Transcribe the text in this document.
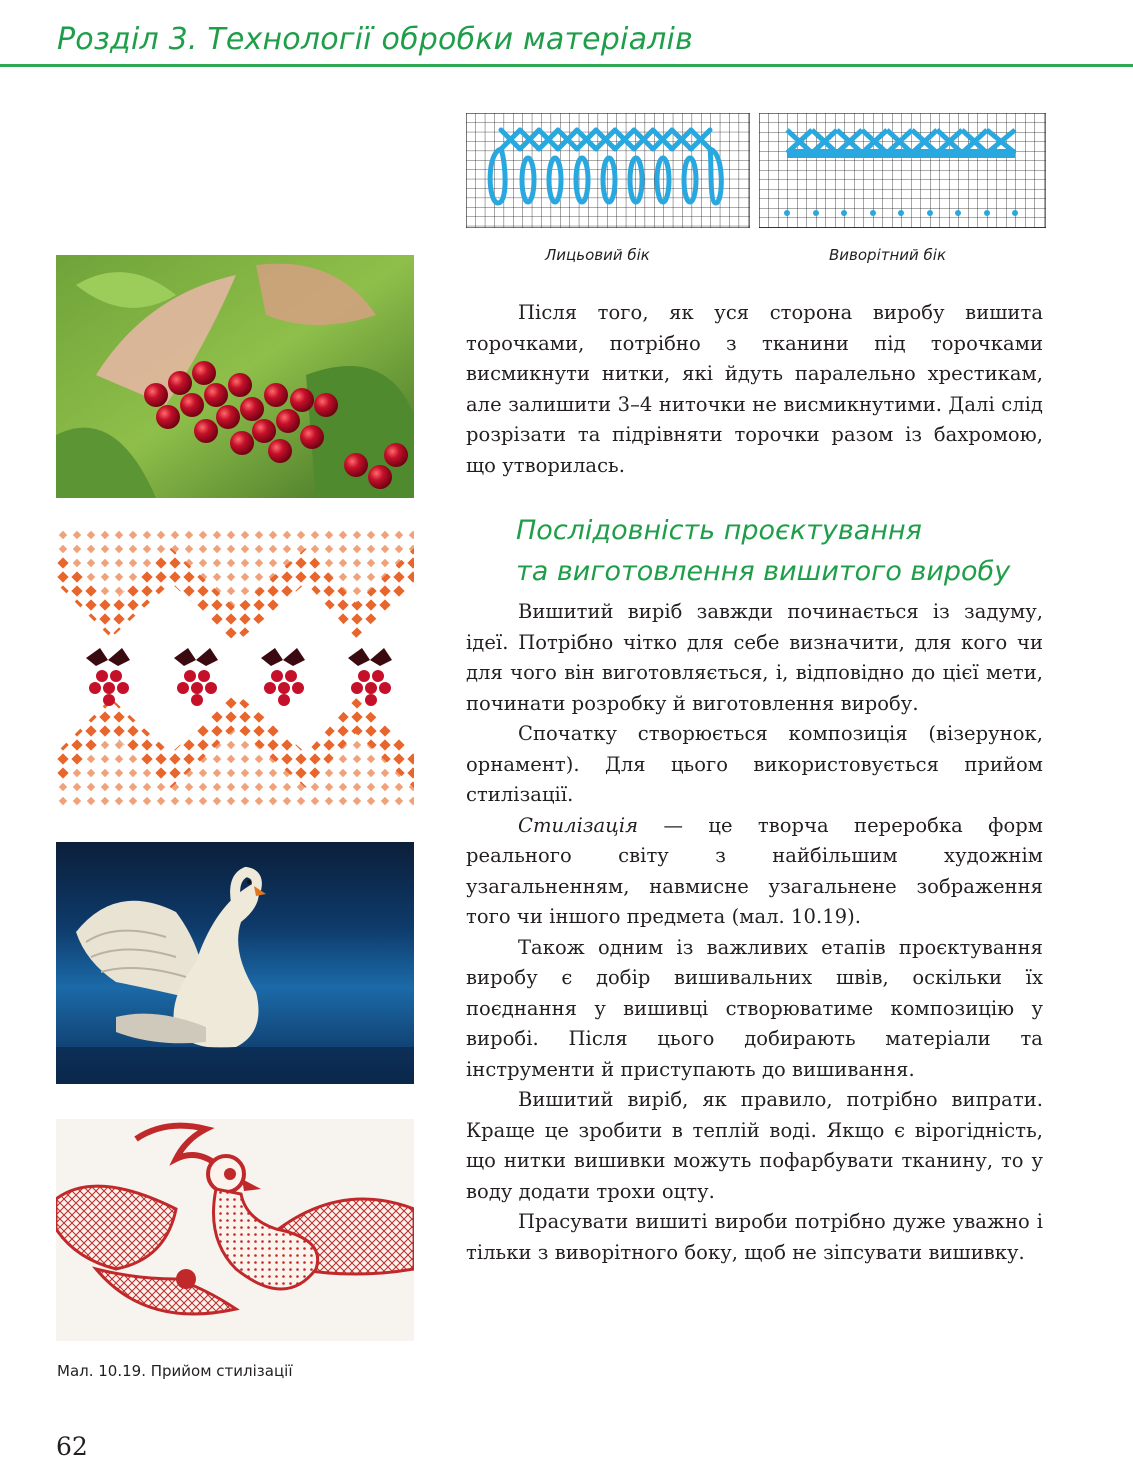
Розділ 3. Технології обробки матеріалів
Лицьовий бік	Виворітний бік
Мал. 10.19. Прийом стилізації
62

Після того, як уся сторона виробу вишита торочками, потрібно з тканини під торочками висмикнути нитки, які йдуть паралельно хрестикам, але залишити 3–4 ниточки не висмикнутими. Далі слід розрізати та підрівняти торочки разом із бахромою, що утворилась.

Послідовність проєктування
та виготовлення вишитого виробу

Вишитий виріб завжди починається із задуму, ідеї. Потрібно чітко для себе визначити, для кого чи для чого він виготовляється, і, відповідно до цієї мети, починати розробку й виготовлення виробу.

Спочатку створюється композиція (візерунок, орнамент). Для цього використовується прийом стилізації.

Стилізація — це творча переробка форм реального світу з найбільшим художнім узагальненням, навмисне узагальнене зображення того чи іншого предмета (мал. 10.19).

Також одним із важливих етапів проєктування виробу є добір вишивальних швів, оскільки їх поєднання у вишивці створюватиме композицію у виробі. Після цього добирають матеріали та інструменти й приступають до вишивання.

Вишитий виріб, як правило, потрібно випрати. Краще це зробити в теплій воді. Якщо є вірогідність, що нитки вишивки можуть пофарбувати тканину, то у воду додати трохи оцту.

Прасувати вишиті вироби потрібно дуже уважно і тільки з виворітного боку, щоб не зіпсувати вишивку.
